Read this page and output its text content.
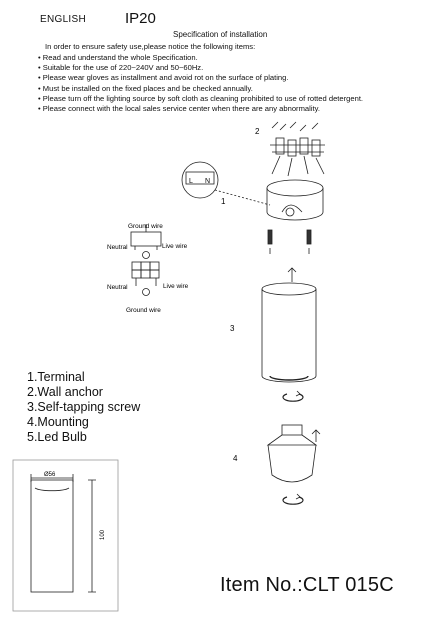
ENGLISH	IP20
Specification of installation
In order to ensure safety use,please notice the following items:
• Read and understand the whole Specification.
• Suitable for the use of 220~240V and 50~60Hz.
• Please wear gloves as installment and avoid rot on the surface of plating.
• Must be installed on the fixed places and be checked annually.
• Please turn off the lighting source by soft cloth as cleaning prohibited to use of rotted detergent.
• Please connect with the local sales service center when there are any abnormality.
L N
Ground wire
Neutral	Live wire
Neutral	Live wire
Ground wire
2
1
3
4
Ø56
100
1.Terminal
2.Wall anchor
3.Self-tapping screw
4.Mounting
5.Led Bulb
Item No.:CLT 015C
